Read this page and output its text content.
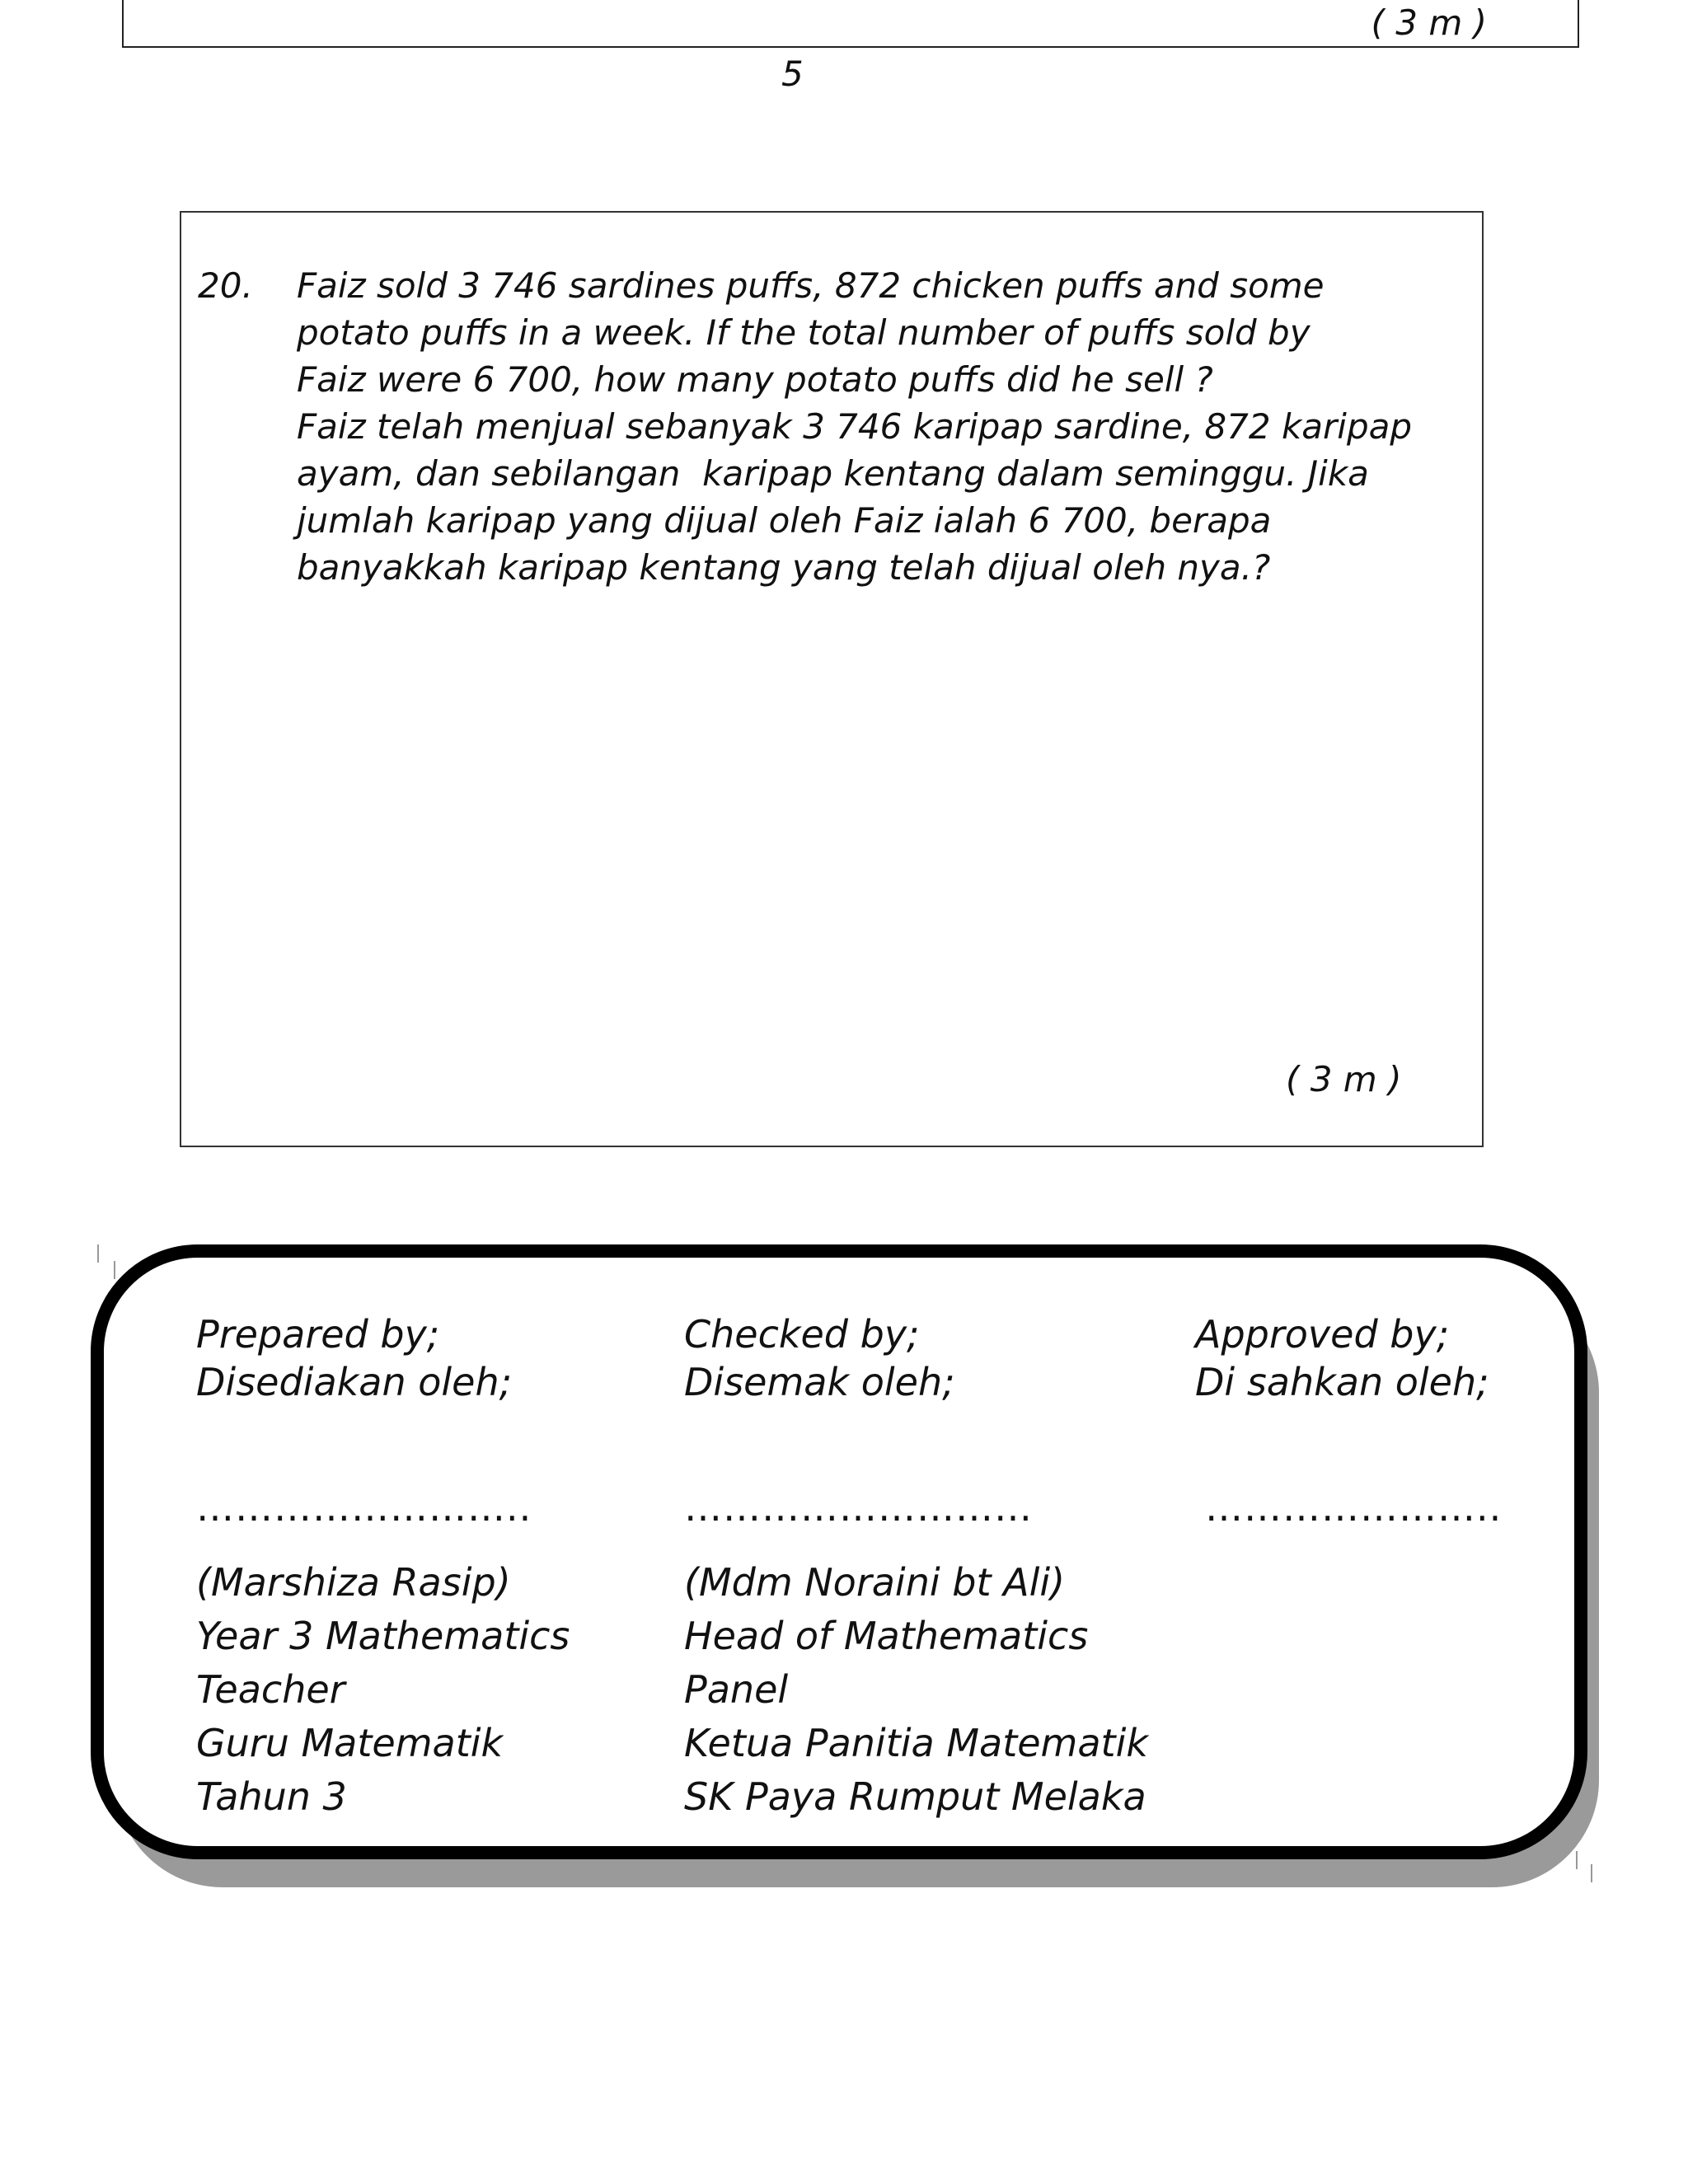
( 3 m )
5
20. Faiz sold 3 746 sardines puffs, 872 chicken puffs and some
potato puffs in a week. If the total number of puffs sold by
Faiz were 6 700, how many potato puffs did he sell ?
Faiz telah menjual sebanyak 3 746 karipap sardine, 872 karipap
ayam, dan sebilangan  karipap kentang dalam seminggu. Jika
jumlah karipap yang dijual oleh Faiz ialah 6 700, berapa
banyakkah karipap kentang yang telah dijual oleh nya.?
( 3 m )
Prepared by;
Disediakan oleh;
……………………..
(Marshiza Rasip)
Year 3 Mathematics
Teacher
Guru Matematik
Tahun 3
Checked by;
Disemak oleh;
………………………
(Mdm Noraini bt Ali)
Head of Mathematics
Panel
Ketua Panitia Matematik
SK Paya Rumput Melaka
Approved by;
Di sahkan oleh;
…………………..
